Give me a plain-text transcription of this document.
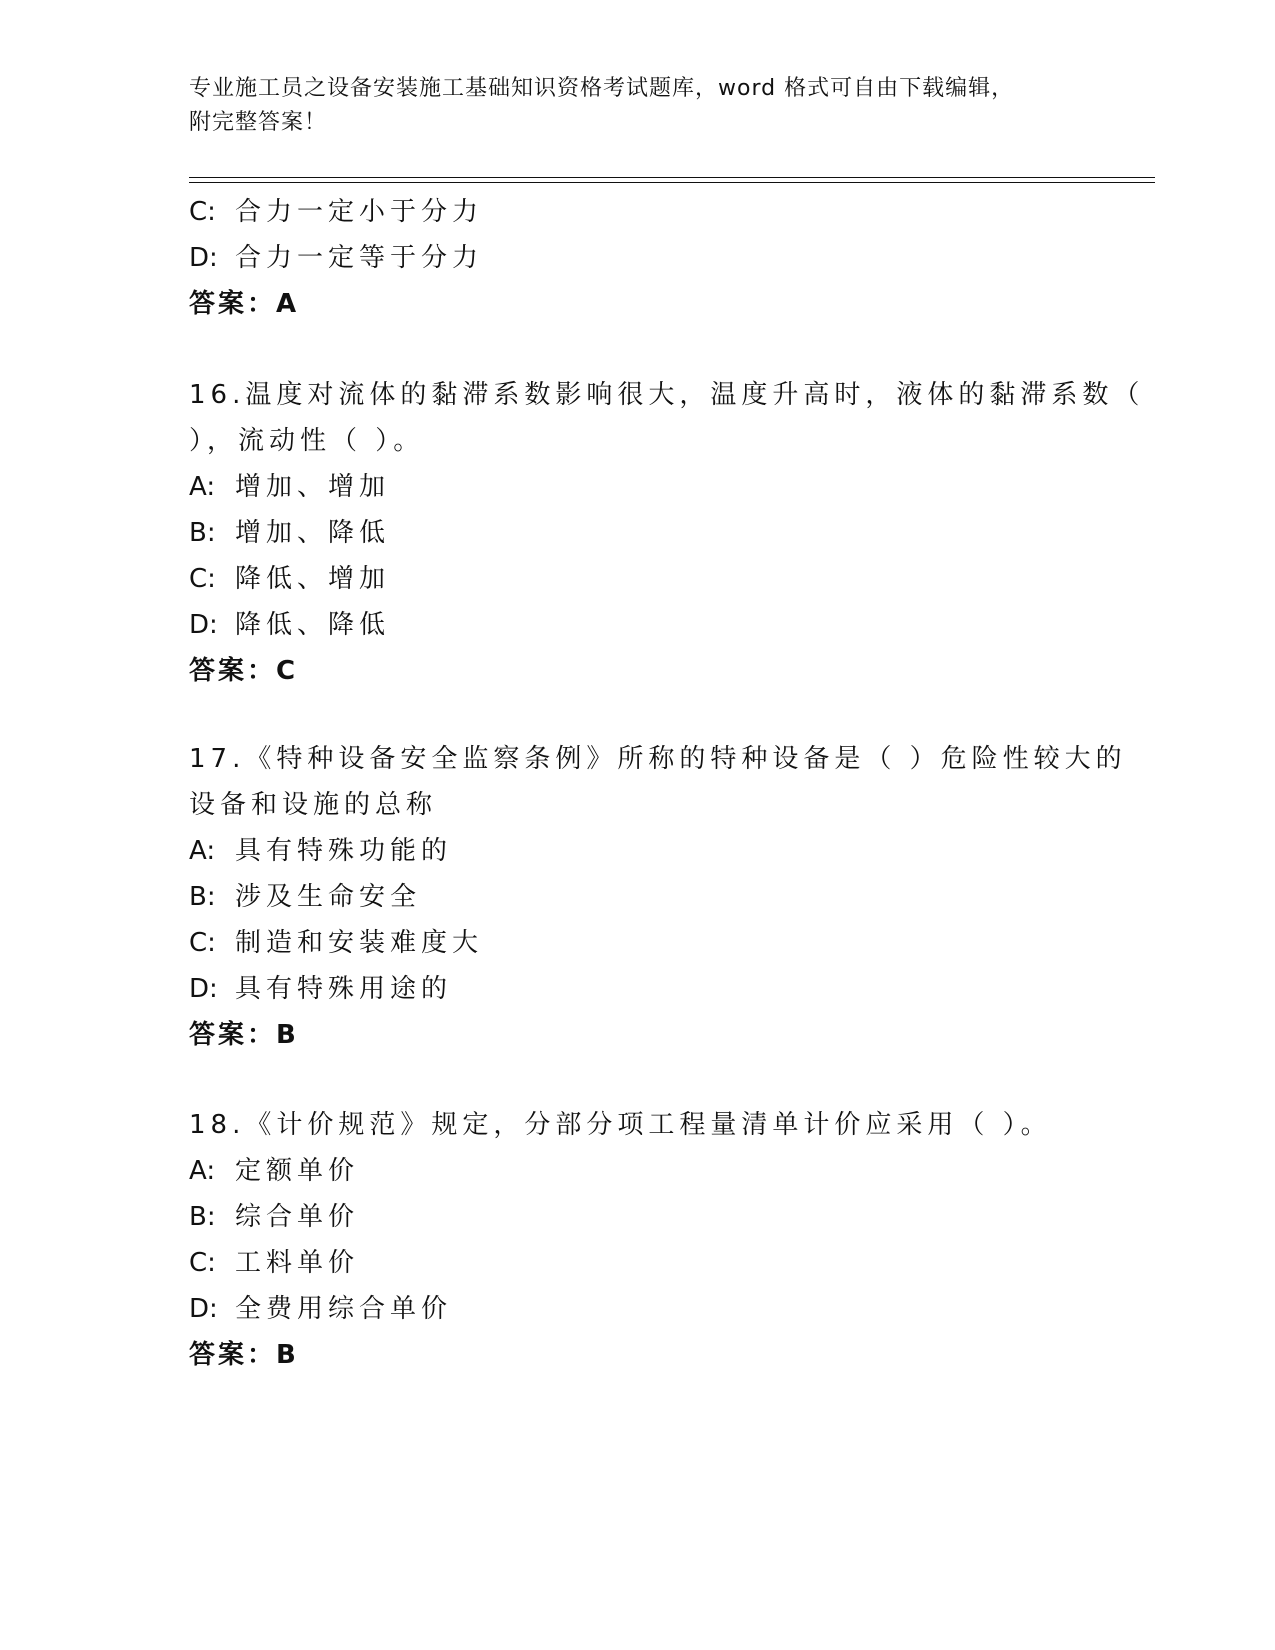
专业施工员之设备安装施工基础知识资格考试题库，word 格式可自由下载编辑，
附完整答案！
C: 合力一定小于分力
D: 合力一定等于分力
答案：A
16.温度对流体的黏滞系数影响很大，温度升高时，液体的黏滞系数（
），流动性（ ）。
A: 增加、增加
B: 增加、降低
C: 降低、增加
D: 降低、降低
答案：C
17.《特种设备安全监察条例》所称的特种设备是（ ）危险性较大的
设备和设施的总称
A: 具有特殊功能的
B: 涉及生命安全
C: 制造和安装难度大
D: 具有特殊用途的
答案：B
18.《计价规范》规定，分部分项工程量清单计价应采用（ ）。
A: 定额单价
B: 综合单价
C: 工料单价
D: 全费用综合单价
答案：B
